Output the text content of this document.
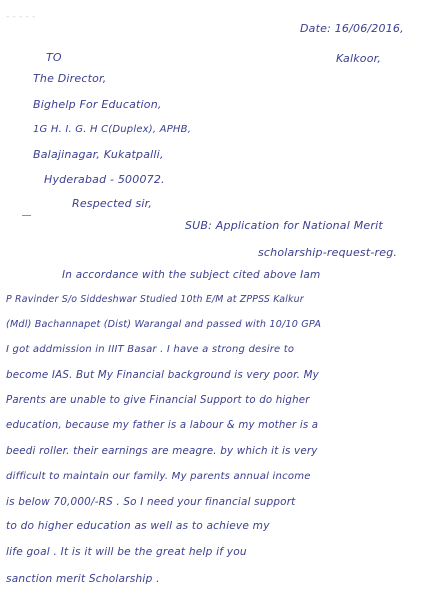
- - - - -
Date: 16/06/2016,
Kalkoor,
TO
The Director,
Bighelp For Education,
1G H. I. G. H C(Duplex), APHB,
Balajinagar, Kukatpalli,
Hyderabad - 500072.
Respected sir,
SUB: Application for National Merit
scholarship-request-reg.
In accordance with the subject cited above Iam
P Ravinder S/o Siddeshwar Studied 10th E/M at ZPPSS Kalkur
(Mdl) Bachannapet (Dist) Warangal and passed with 10/10 GPA
I got addmission in IIIT Basar . I have a strong desire to
become IAS. But My Financial background is very poor. My
Parents are unable to give Financial Support to do higher
education, because my father is a labour & my mother is a
beedi roller. their earnings are meagre. by which it is very
difficult to maintain our family. My parents annual income
is below 70,000/-RS . So I need your financial support
to do higher education as well as to achieve my
life goal . It is it will be the great help if you
sanction merit Scholarship .
